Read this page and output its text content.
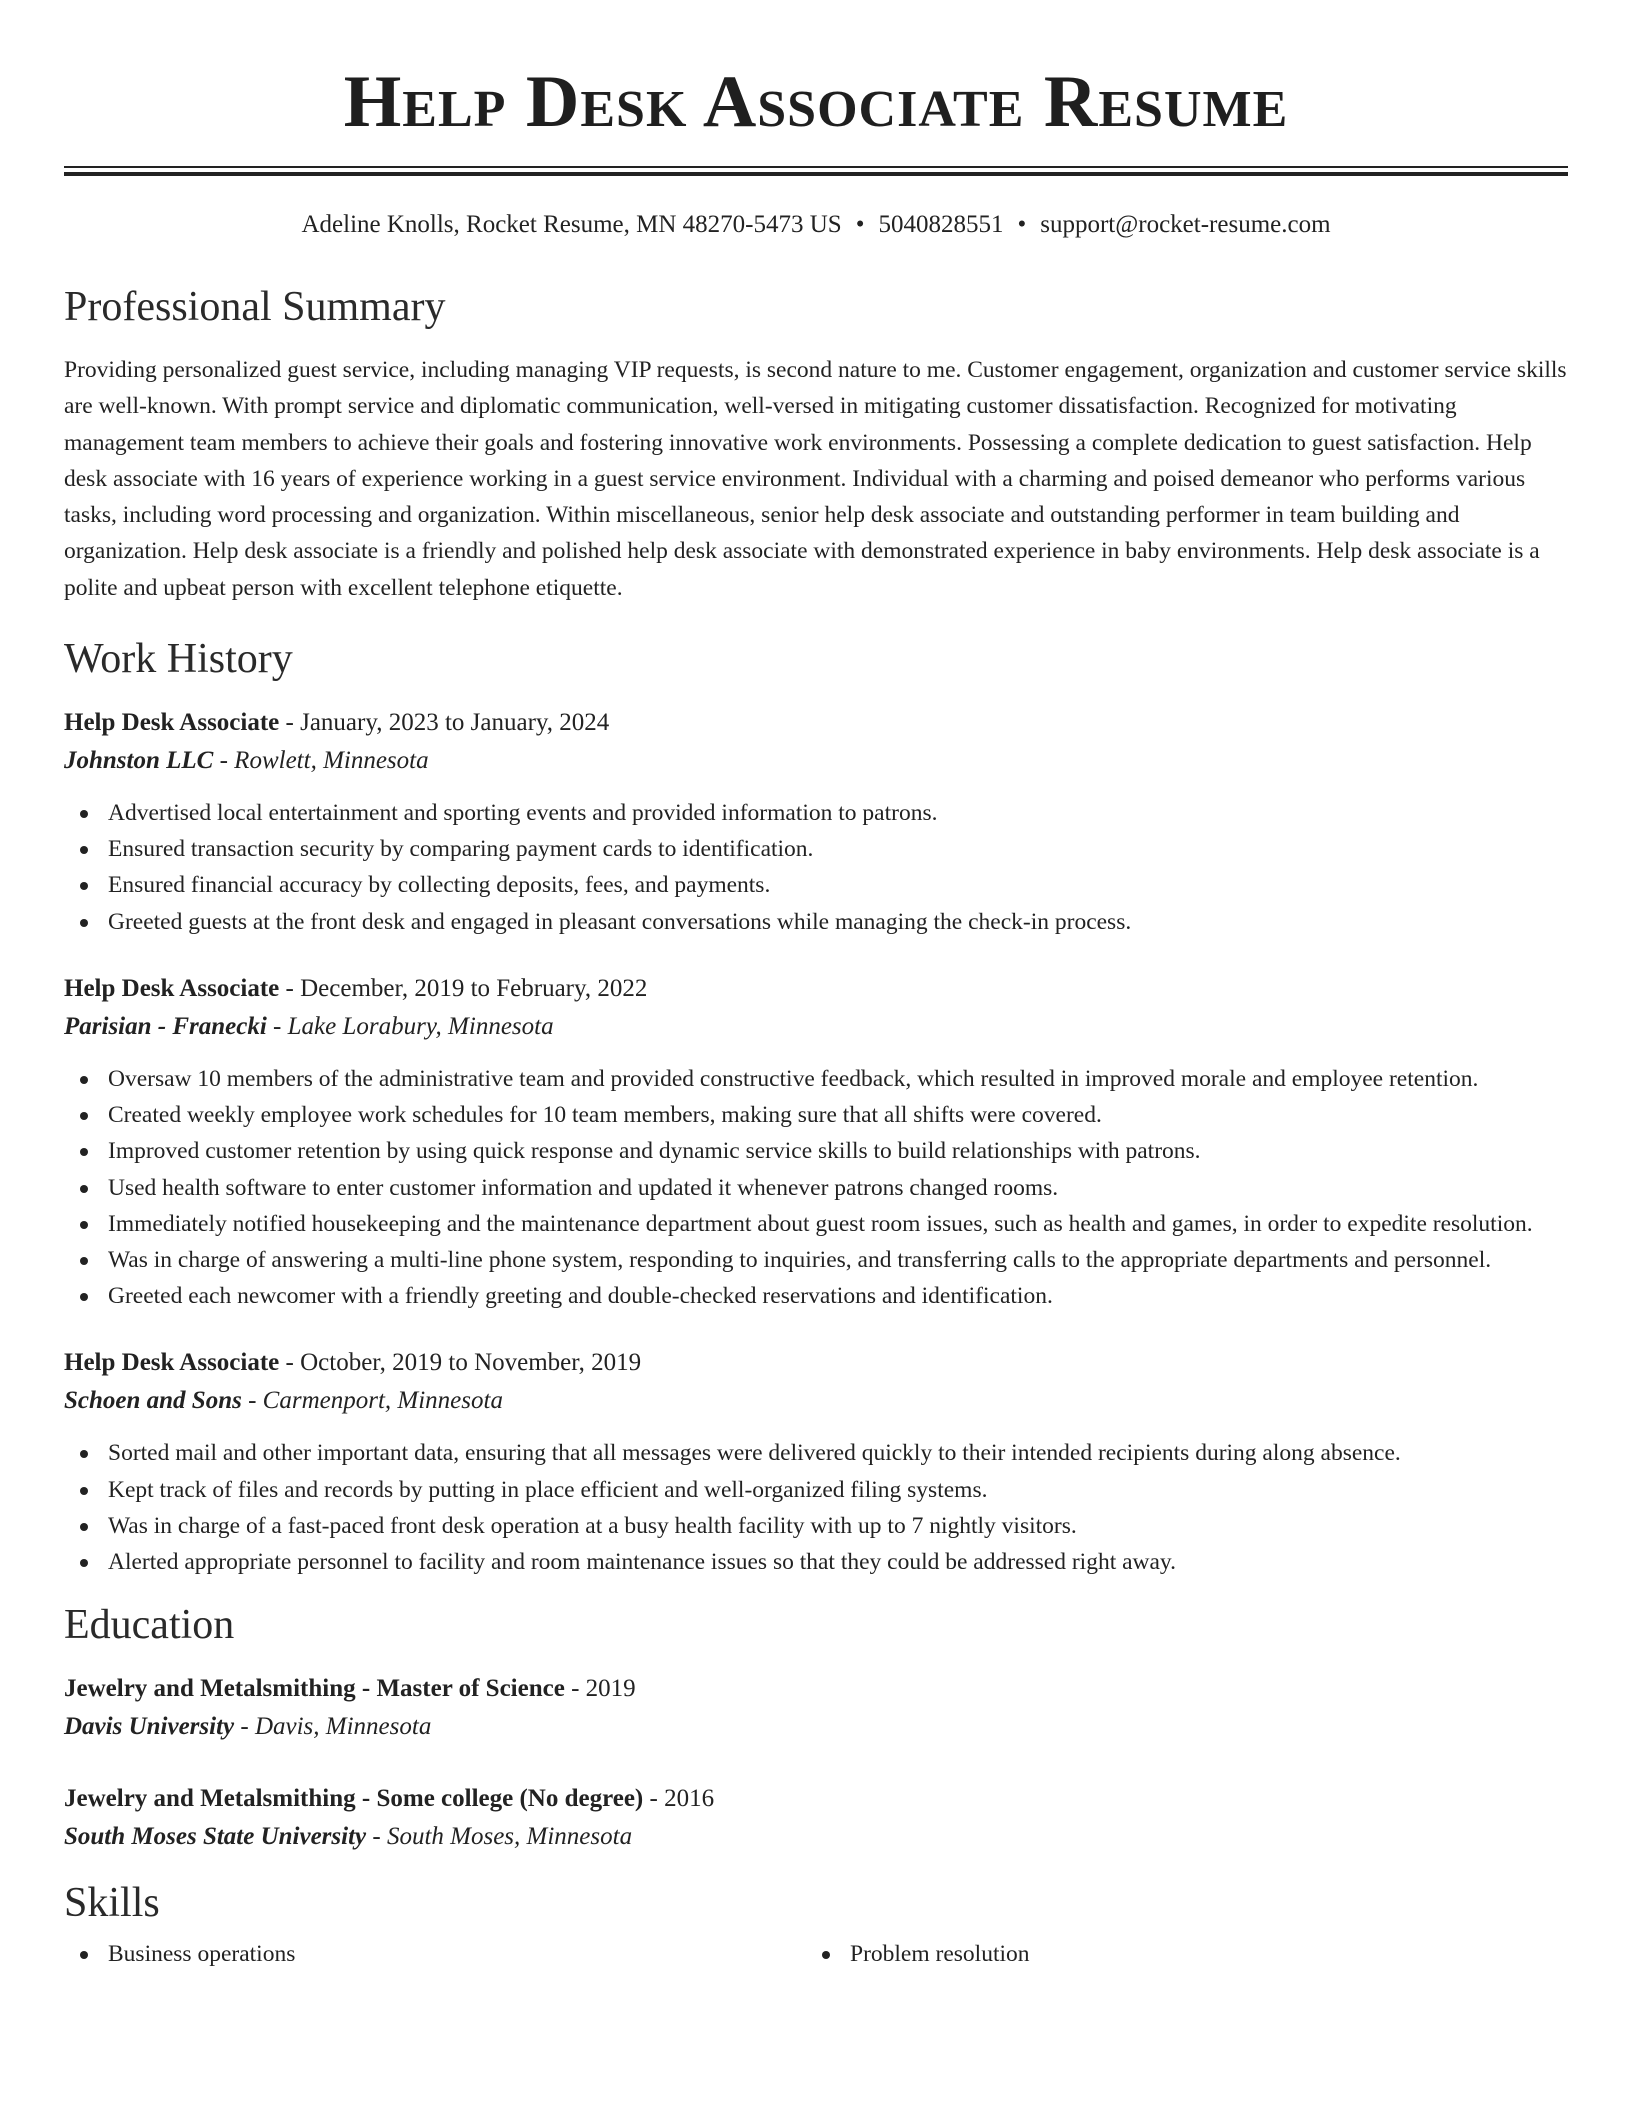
Help Desk Associate Resume
Adeline Knolls, Rocket Resume, MN 48270-5473 US • 5040828551 • support@rocket-resume.com
Professional Summary

Providing personalized guest service, including managing VIP requests, is second nature to me. Customer engagement, organization and customer service skills are well-known. With prompt service and diplomatic communication, well-versed in mitigating customer dissatisfaction. Recognized for motivating management team members to achieve their goals and fostering innovative work environments. Possessing a complete dedication to guest satisfaction. Help desk associate with 16 years of experience working in a guest service environment. Individual with a charming and poised demeanor who performs various tasks, including word processing and organization. Within miscellaneous, senior help desk associate and outstanding performer in team building and organization. Help desk associate is a friendly and polished help desk associate with demonstrated experience in baby environments. Help desk associate is a polite and upbeat person with excellent telephone etiquette.

Work History
Help Desk Associate - January, 2023 to January, 2024
Johnston LLC - Rowlett, Minnesota
Advertised local entertainment and sporting events and provided information to patrons.
Ensured transaction security by comparing payment cards to identification.
Ensured financial accuracy by collecting deposits, fees, and payments.
Greeted guests at the front desk and engaged in pleasant conversations while managing the check-in process.
Help Desk Associate - December, 2019 to February, 2022
Parisian - Franecki - Lake Lorabury, Minnesota
Oversaw 10 members of the administrative team and provided constructive feedback, which resulted in improved morale and employee retention.
Created weekly employee work schedules for 10 team members, making sure that all shifts were covered.
Improved customer retention by using quick response and dynamic service skills to build relationships with patrons.
Used health software to enter customer information and updated it whenever patrons changed rooms.
Immediately notified housekeeping and the maintenance department about guest room issues, such as health and games, in order to expedite resolution.
Was in charge of answering a multi-line phone system, responding to inquiries, and transferring calls to the appropriate departments and personnel.
Greeted each newcomer with a friendly greeting and double-checked reservations and identification.
Help Desk Associate - October, 2019 to November, 2019
Schoen and Sons - Carmenport, Minnesota
Sorted mail and other important data, ensuring that all messages were delivered quickly to their intended recipients during along absence.
Kept track of files and records by putting in place efficient and well-organized filing systems.
Was in charge of a fast-paced front desk operation at a busy health facility with up to 7 nightly visitors.
Alerted appropriate personnel to facility and room maintenance issues so that they could be addressed right away.
Education
Jewelry and Metalsmithing - Master of Science - 2019
Davis University - Davis, Minnesota
Jewelry and Metalsmithing - Some college (No degree) - 2016
South Moses State University - South Moses, Minnesota
Skills
Business operations	Problem resolution
